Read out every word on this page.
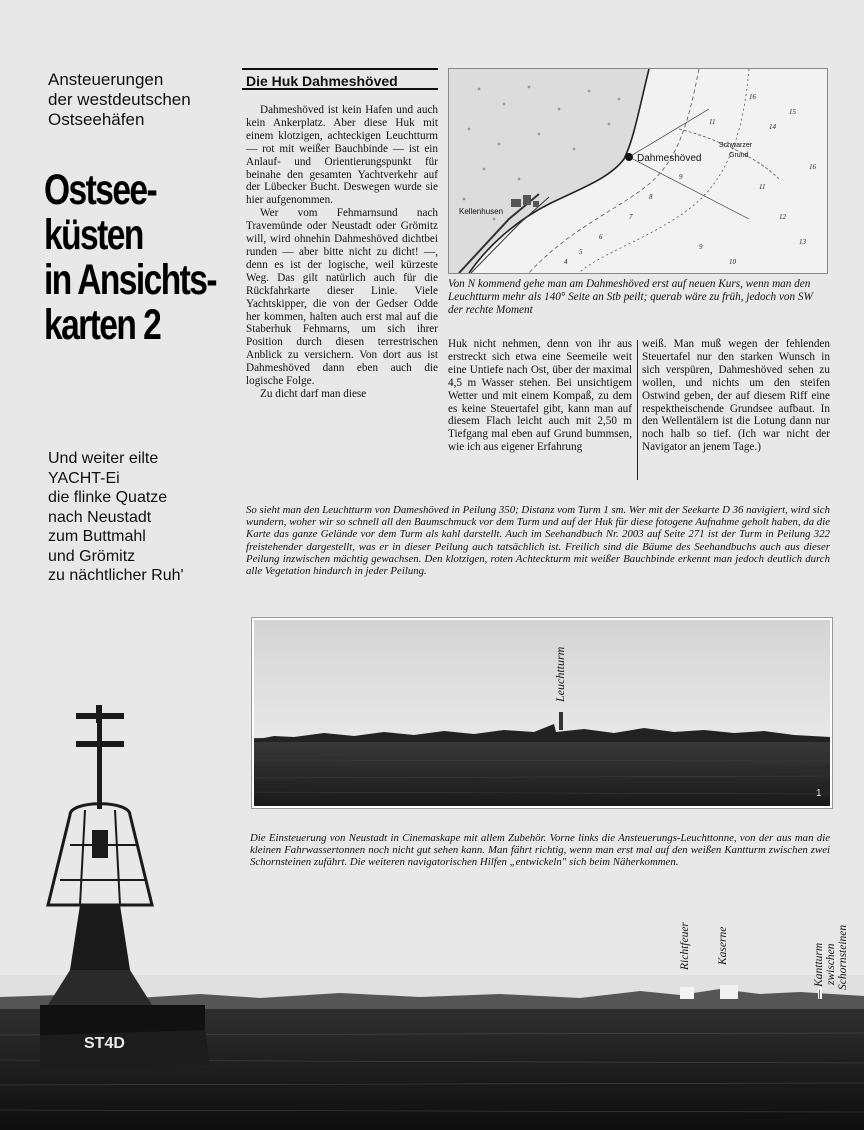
Ansteuerungen
der westdeutschen
Ostseehäfen
Ostsee-
küsten
in Ansichts-
karten 2
Und weiter eilte
YACHT-Ei
die flinke Quatze
nach Neustadt
zum Buttmahl
und Grömitz
zu nächtlicher Ruh'
Die Huk Dahmeshöved

Dahmeshöved ist kein Hafen und auch kein Ankerplatz. Aber diese Huk mit einem klotzigen, achteckigen Leuchtturm — rot mit weißer Bauchbinde — ist ein Anlauf- und Orientierungspunkt für beinahe den gesamten Yachtverkehr auf der Lübecker Bucht. Deswegen wurde sie hier aufgenommen.

Wer vom Fehmarnsund nach Travemünde oder Neustadt oder Grömitz will, wird ohnehin Dahmeshöved dichtbei runden — aber bitte nicht zu dicht! —, denn es ist der logische, weil kürzeste Weg. Das gilt natürlich auch für die Rückfahrkarte dieser Linie. Viele Yachtskipper, die von der Gedser Odde her kommen, halten auch erst mal auf die Staberhuk Fehmarns, um sich ihrer Position durch diesen terrestrischen Anblick zu versichern. Von dort aus ist Dahmeshöved dann eben auch die logische Folge.

Zu dicht darf man diese

Dahmeshöved
Kellenhusen
Schwarzer
Grund
16
15
11
9
8
7
6
5
4
11
12
13
16
14
9
10
Von N kommend gehe man am Dahmeshöved erst auf neuen Kurs, wenn man den Leuchtturm mehr als 140° Seite an Stb peilt; querab wäre zu früh, jedoch von SW der rechte Moment

Huk nicht nehmen, denn von ihr aus erstreckt sich etwa eine Seemeile weit eine Untiefe nach Ost, über der maximal 4,5 m Wasser stehen. Bei unsichtigem Wetter und mit einem Kompaß, zu dem es keine Steuertafel gibt, kann man auf diesem Flach leicht auch mit 2,50 m Tiefgang mal eben auf Grund bummsen, wie ich aus eigener Erfahrung

weiß. Man muß wegen der fehlenden Steuertafel nur den starken Wunsch in sich verspüren, Dahmeshöved sehen zu wollen, und nichts um den steifen Ostwind geben, der auf diesem Riff eine respektheischende Grundsee aufbaut. In den Wellentälern ist die Lotung dann nur noch halb so tief. (Ich war nicht der Navigator an jenem Tage.)

So sieht man den Leuchtturm von Dameshöved in Peilung 350; Distanz vom Turm 1 sm. Wer mit der Seekarte D 36 navigiert, wird sich wundern, woher wir so schnell all den Baumschmuck vor dem Turm und auf der Huk für diese fotogene Aufnahme geholt haben, da die Karte das ganze Gelände vor dem Turm als kahl darstellt. Auch im Seehandbuch Nr. 2003 auf Seite 271 ist der Turm in Peilung 322 freistehender dargestellt, was er in dieser Peilung auch tatsächlich ist. Freilich sind die Bäume des Seehandbuchs auch aus dieser Peilung inzwischen mächtig gewachsen. Den klotzigen, roten Achteckturm mit weißer Bauchbinde erkennt man jedoch deutlich durch alle Vegetation hindurch in jeder Peilung.
1
Leuchtturm
Die Einsteuerung von Neustadt in Cinemaskape mit allem Zubehör. Vorne links die Ansteuerungs-Leuchttonne, von der aus man die kleinen Fahrwassertonnen noch nicht gut sehen kann. Man fährt richtig, wenn man erst mal auf den weißen Kantturm zwischen zwei Schornsteinen zufährt. Die weiteren navigatorischen Hilfen „entwickeln" sich beim Näherkommen.
ST4D
Richtfeuer Kaserne	— Kantturm zwischen Schornsteinen
